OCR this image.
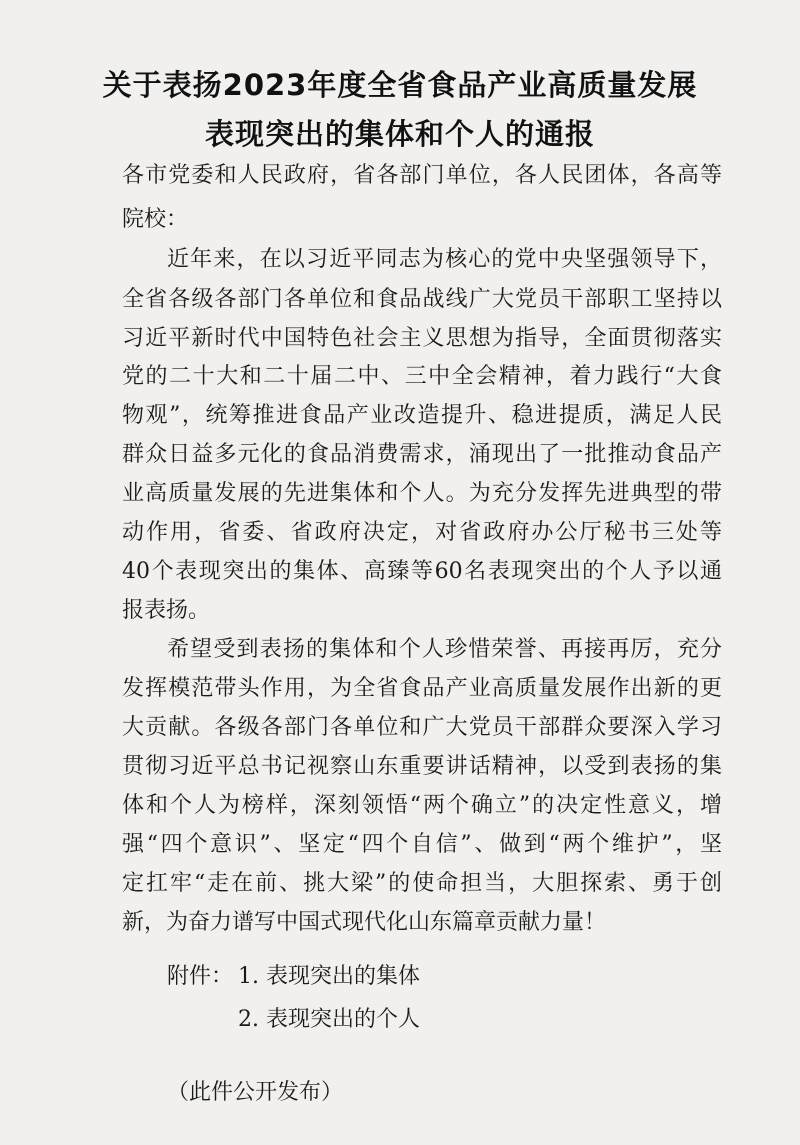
关于表扬2023年度全省食品产业高质量发展
表现突出的集体和个人的通报
各市党委和人民政府，省各部门单位，各人民团体，各高等
院校：
近年来，在以习近平同志为核心的党中央坚强领导下，
全省各级各部门各单位和食品战线广大党员干部职工坚持以
习近平新时代中国特色社会主义思想为指导，全面贯彻落实
党的二十大和二十届二中、三中全会精神，着力践行“大食
物观”，统筹推进食品产业改造提升、稳进提质，满足人民
群众日益多元化的食品消费需求，涌现出了一批推动食品产
业高质量发展的先进集体和个人。为充分发挥先进典型的带
动作用，省委、省政府决定，对省政府办公厅秘书三处等
40个表现突出的集体、高臻等60名表现突出的个人予以通
报表扬。
希望受到表扬的集体和个人珍惜荣誉、再接再厉，充分
发挥模范带头作用，为全省食品产业高质量发展作出新的更
大贡献。各级各部门各单位和广大党员干部群众要深入学习
贯彻习近平总书记视察山东重要讲话精神，以受到表扬的集
体和个人为榜样，深刻领悟“两个确立”的决定性意义，增
强“四个意识”、坚定“四个自信”、做到“两个维护”，坚
定扛牢“走在前、挑大梁”的使命担当，大胆探索、勇于创
新，为奋力谱写中国式现代化山东篇章贡献力量！
附件： 1. 表现突出的集体
2. 表现突出的个人
（此件公开发布）
